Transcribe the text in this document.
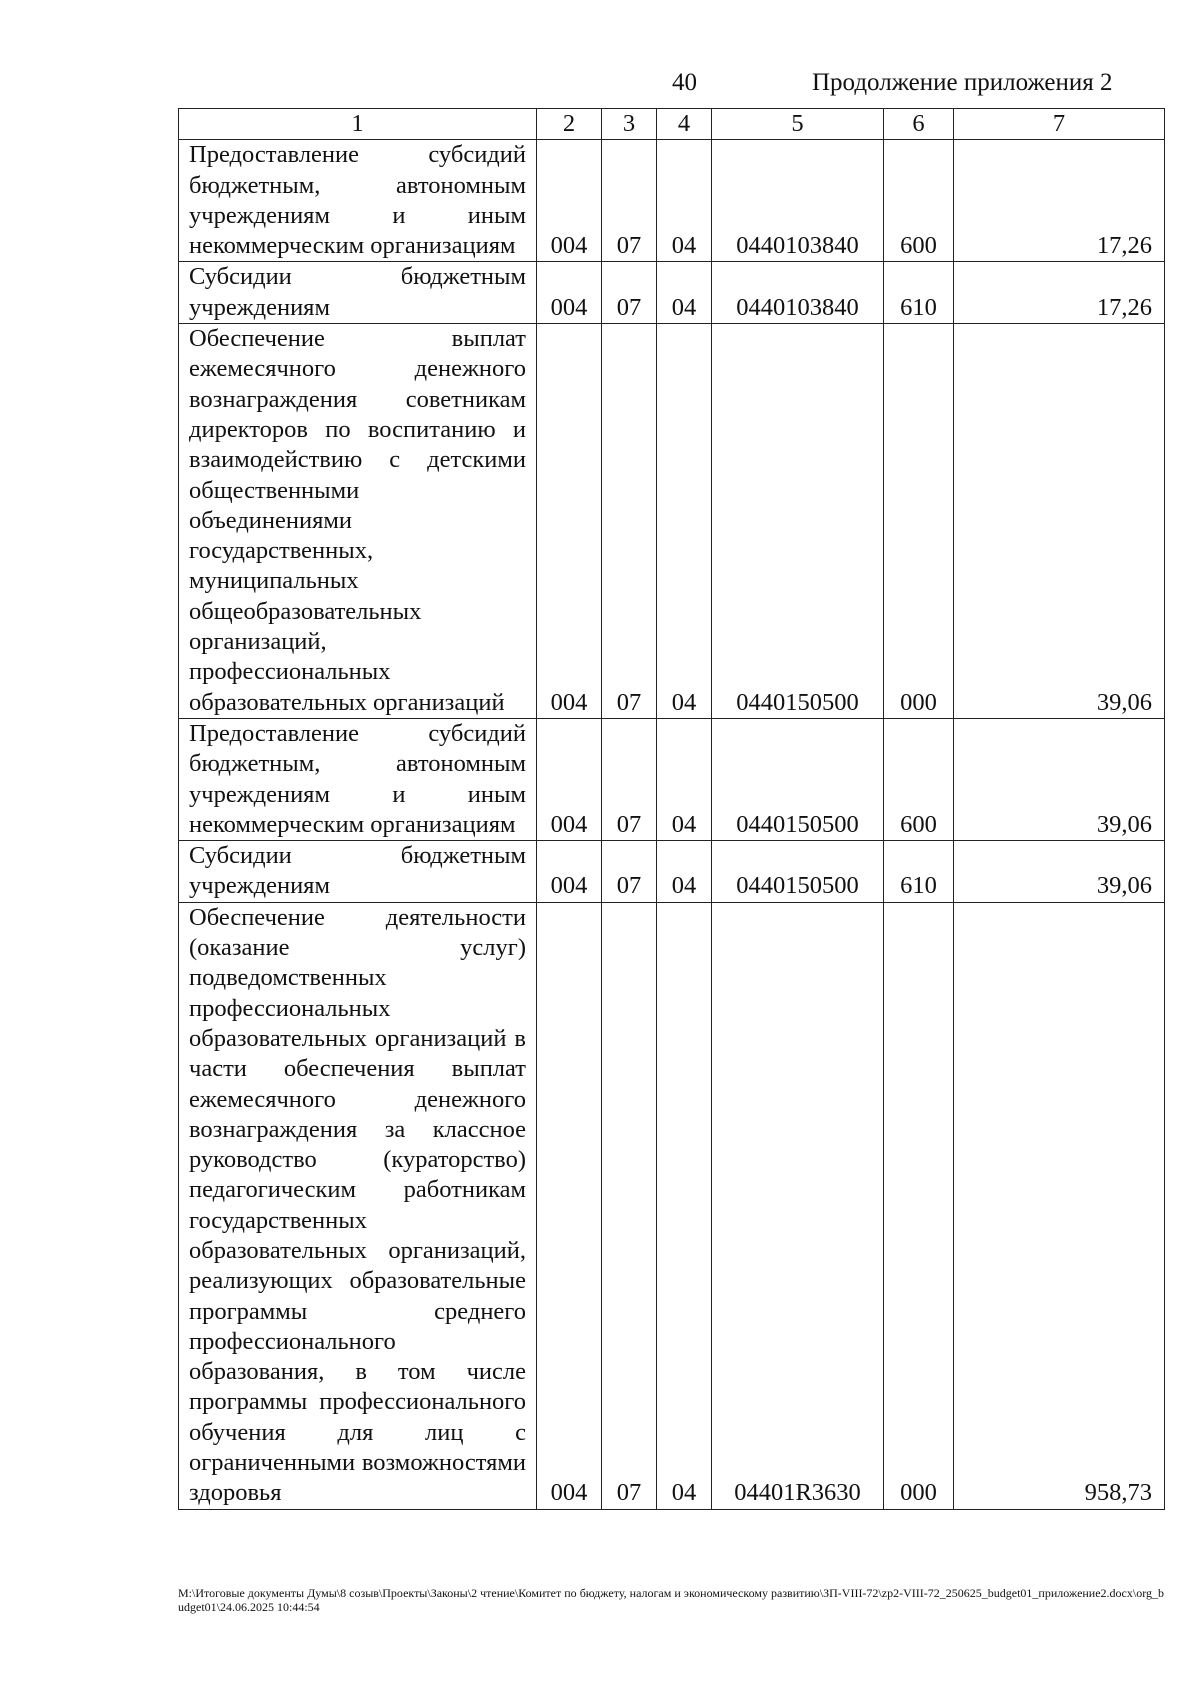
40	Продолжение приложения 2
1	2	3	4	5	6	7
Предоставление субсидий бюджетным, автономным учреждениям и иным некоммерческим организациям	004	07	04	0440103840	600	17,26
Субсидии бюджетным учреждениям	004	07	04	0440103840	610	17,26
Обеспечение выплат ежемесячного денежного вознаграждения советникам директоров по воспитанию и взаимодействию с детскими общественными объединениями государственных, муниципальных общеобразовательных организаций, профессиональных образовательных организаций	004	07	04	0440150500	000	39,06
Предоставление субсидий бюджетным, автономным учреждениям и иным некоммерческим организациям	004	07	04	0440150500	600	39,06
Субсидии бюджетным учреждениям	004	07	04	0440150500	610	39,06
Обеспечение деятельности (оказание услуг) подведомственных профессиональных образовательных организаций в части обеспечения выплат ежемесячного денежного вознаграждения за классное руководство (кураторство) педагогическим работникам государственных образовательных организаций, реализующих образовательные программы среднего профессионального образования, в том числе программы профессионального обучения для лиц с ограниченными возможностями здоровья	004	07	04	04401R3630	000	958,73
M:\Итоговые документы Думы\8 созыв\Проекты\Законы\2 чтение\Комитет по бюджету, налогам и экономическому развитию\ЗП-VIII-72\zp2-VIII-72_250625_budget01_приложение2.docx\org_budget01\24.06.2025 10:44:54
